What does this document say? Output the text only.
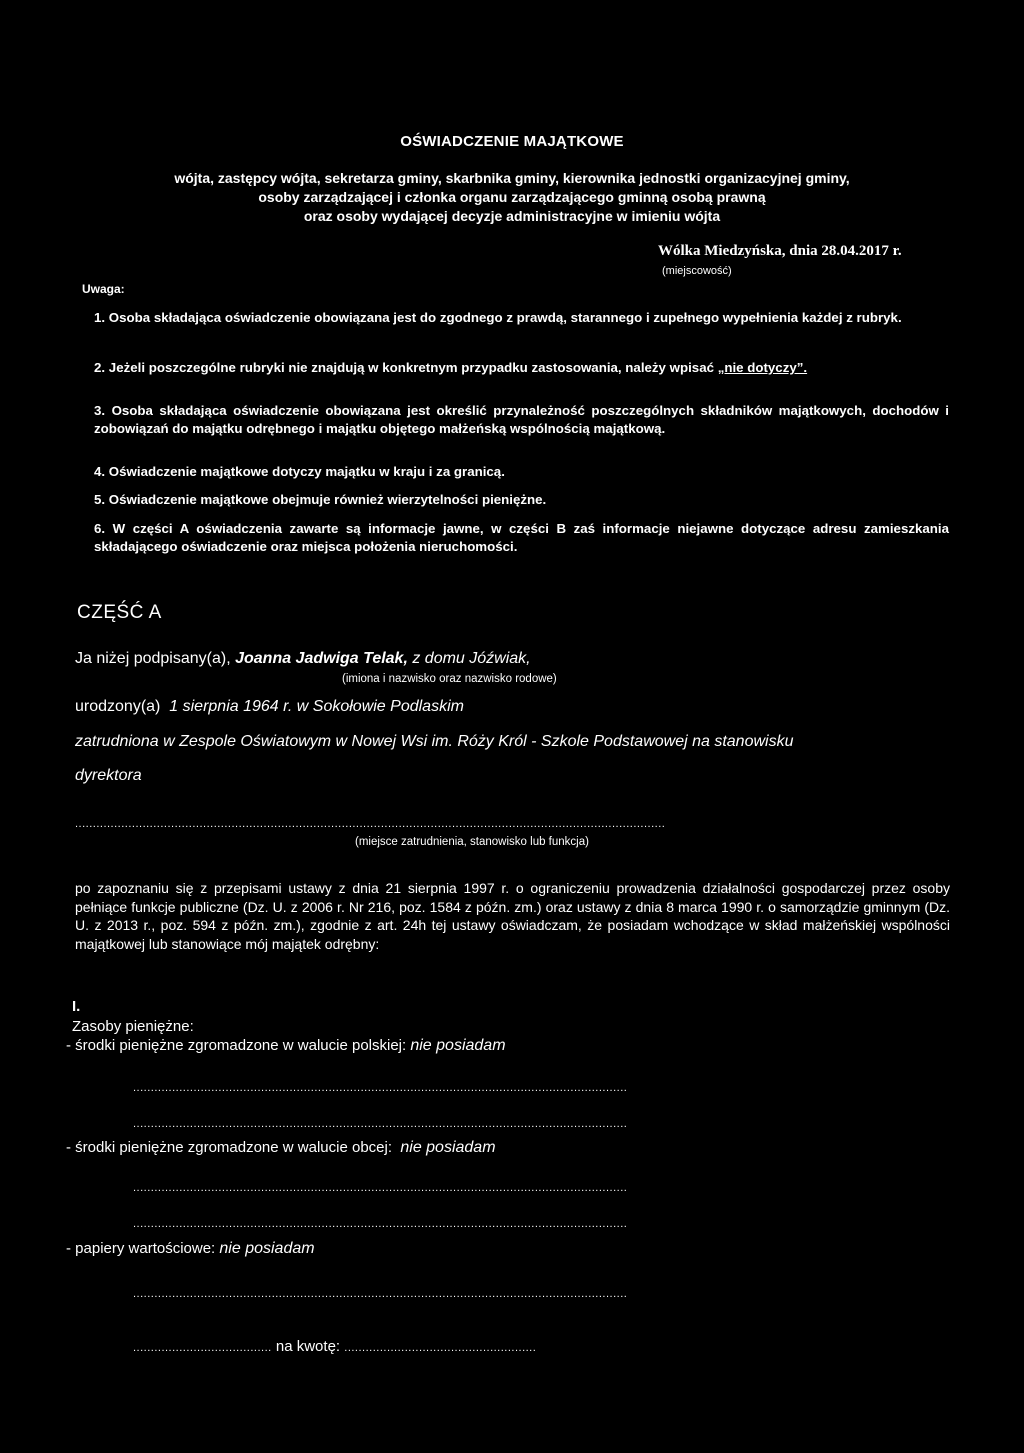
OŚWIADCZENIE MAJĄTKOWE
wójta, zastępcy wójta, sekretarza gminy, skarbnika gminy, kierownika jednostki organizacyjnej gminy,
osoby zarządzającej i członka organu zarządzającego gminną osobą prawną
oraz osoby wydającej decyzje administracyjne w imieniu wójta
Wólka Miedzyńska, dnia 28.04.2017 r.
(miejscowość)
Uwaga:
1. Osoba składająca oświadczenie obowiązana jest do zgodnego z prawdą, starannego i zupełnego wypełnienia każdej z rubryk.
2. Jeżeli poszczególne rubryki nie znajdują w konkretnym przypadku zastosowania, należy wpisać „nie dotyczy”.
3. Osoba składająca oświadczenie obowiązana jest określić przynależność poszczególnych składników majątkowych, dochodów i zobowiązań do majątku odrębnego i majątku objętego małżeńską wspólnością majątkową.
4. Oświadczenie majątkowe dotyczy majątku w kraju i za granicą.
5. Oświadczenie majątkowe obejmuje również wierzytelności pieniężne.
6. W części A oświadczenia zawarte są informacje jawne, w części B zaś informacje niejawne dotyczące adresu zamieszkania składającego oświadczenie oraz miejsca położenia nieruchomości.
CZĘŚĆ A
Ja niżej podpisany(a), Joanna Jadwiga Telak, z domu Jóźwiak,
(imiona i nazwisko oraz nazwisko rodowe)
urodzony(a) 1 sierpnia 1964 r. w Sokołowie Podlaskim
zatrudniona w Zespole Oświatowym w Nowej Wsi im. Róży Król - Szkole Podstawowej na stanowisku
dyrektora
......................................................................................................................................................................
(miejsce zatrudnienia, stanowisko lub funkcja)
po zapoznaniu się z przepisami ustawy z dnia 21 sierpnia 1997 r. o ograniczeniu prowadzenia działalności gospodarczej przez osoby pełniące funkcje publiczne (Dz. U. z 2006 r. Nr 216, poz. 1584 z późn. zm.) oraz ustawy z dnia 8 marca 1990 r. o samorządzie gminnym (Dz. U. z 2013 r., poz. 594 z późn. zm.), zgodnie z art. 24h tej ustawy oświadczam, że posiadam wchodzące w skład małżeńskiej wspólności majątkowej lub stanowiące mój majątek odrębny:
I.
Zasoby pieniężne:
- środki pieniężne zgromadzone w walucie polskiej: nie posiadam
...........................................................................................................................................
...........................................................................................................................................
- środki pieniężne zgromadzone w walucie obcej: nie posiadam
...........................................................................................................................................
...........................................................................................................................................
- papiery wartościowe: nie posiadam
...........................................................................................................................................
....................................... na kwotę: ......................................................
